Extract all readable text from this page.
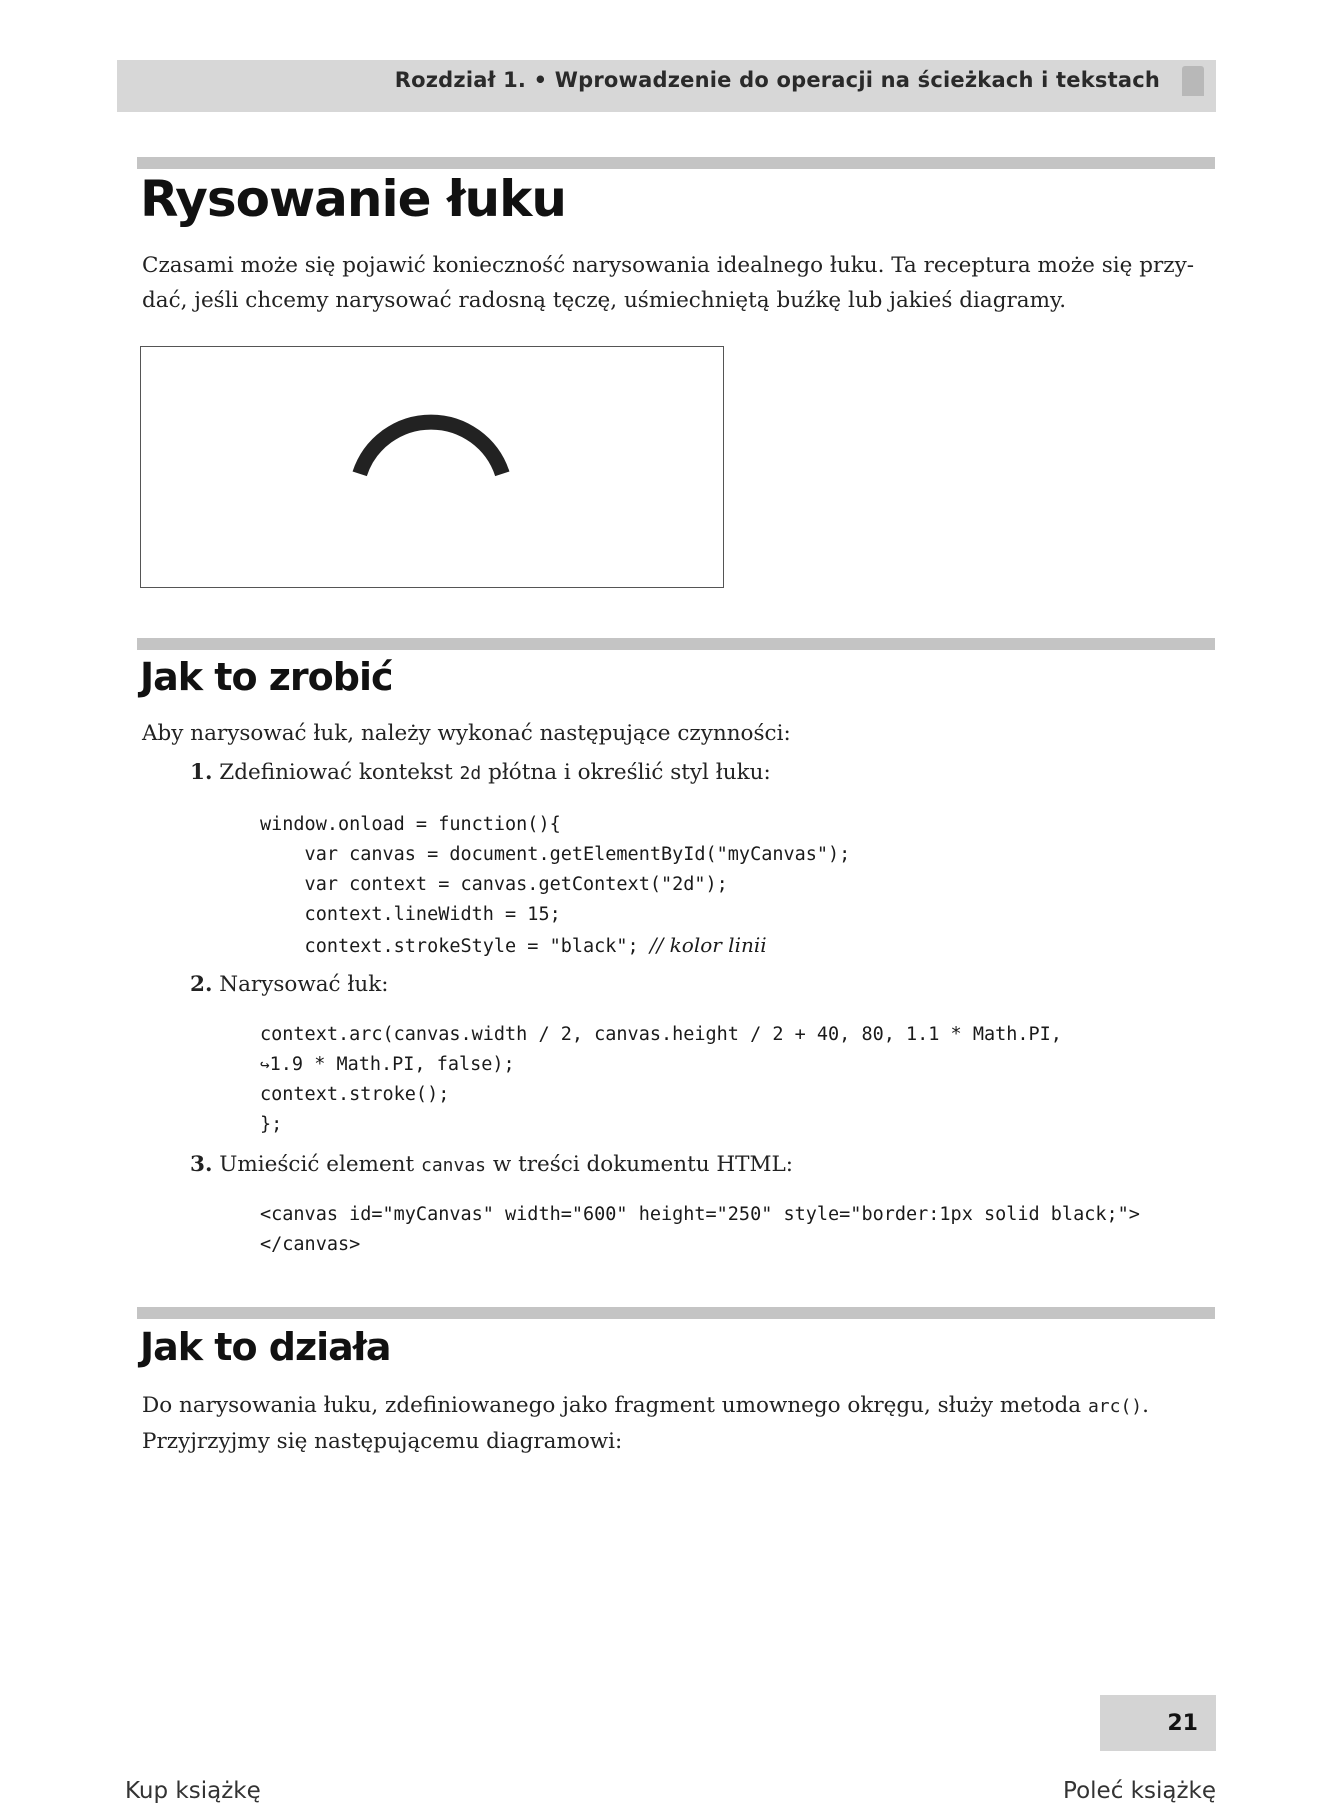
Rozdział 1. • Wprowadzenie do operacji na ścieżkach i tekstach
Rysowanie łuku

Czasami może się pojawić konieczność narysowania idealnego łuku. Ta receptura może się przy-
dać, jeśli chcemy narysować radosną tęczę, uśmiechniętą buźkę lub jakieś diagramy.

Jak to zrobić

Aby narysować łuk, należy wykonać następujące czynności:

1. Zdefiniować kontekst 2d płótna i określić styl łuku:

window.onload = function(){
var canvas = document.getElementById("myCanvas");
var context = canvas.getContext("2d");
context.lineWidth = 15;
context.strokeStyle = "black"; // kolor linii

2. Narysować łuk:

context.arc(canvas.width / 2, canvas.height / 2 + 40, 80, 1.1 * Math.PI,
↪1.9 * Math.PI, false);
context.stroke();
};

3. Umieścić element canvas w treści dokumentu HTML:

<canvas id="myCanvas" width="600" height="250" style="border:1px solid black;">
</canvas>
Jak to działa

Do narysowania łuku, zdefiniowanego jako fragment umownego okręgu, służy metoda arc().
Przyjrzyjmy się następującemu diagramowi:

21
Kup książkę	Poleć książkę
